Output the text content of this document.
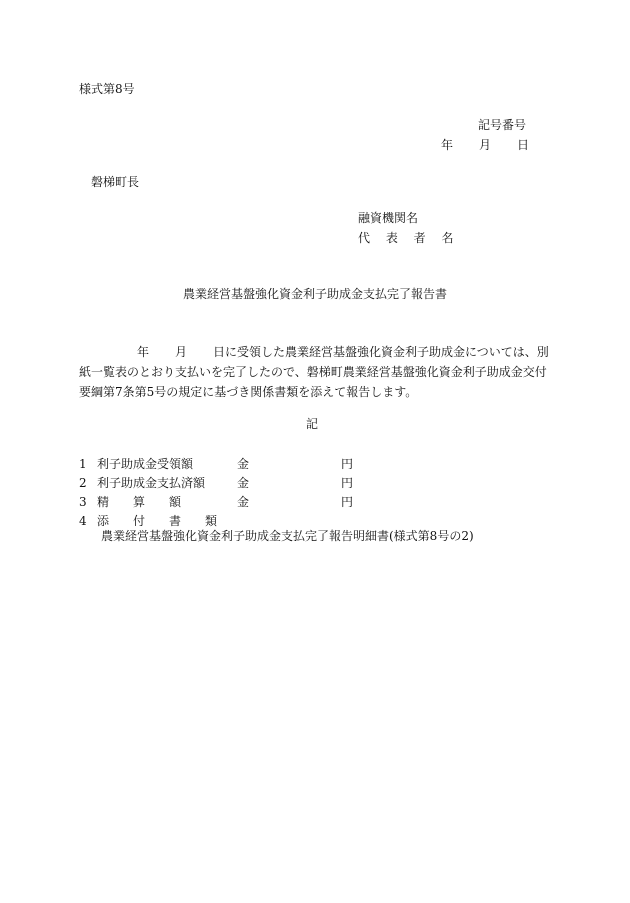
様式第8号
記号番号
年 月 日
磐梯町長
融資機関名
代 表 者 名
農業経営基盤強化資金利子助成金支払完了報告書
年 月 日に受領した農業経営基盤強化資金利子助成金については、別紙一覧表のとおり支払いを完了したので、磐梯町農業経営基盤強化資金利子助成金交付要綱第7条第5号の規定に基づき関係書類を添えて報告します。
記
1 利子助成金受領額	金	円
2 利子助成金支払済額	金	円
3 精　　算　　額	金	円
4 添　　付　　書　　類
農業経営基盤強化資金利子助成金支払完了報告明細書(様式第8号の2)
